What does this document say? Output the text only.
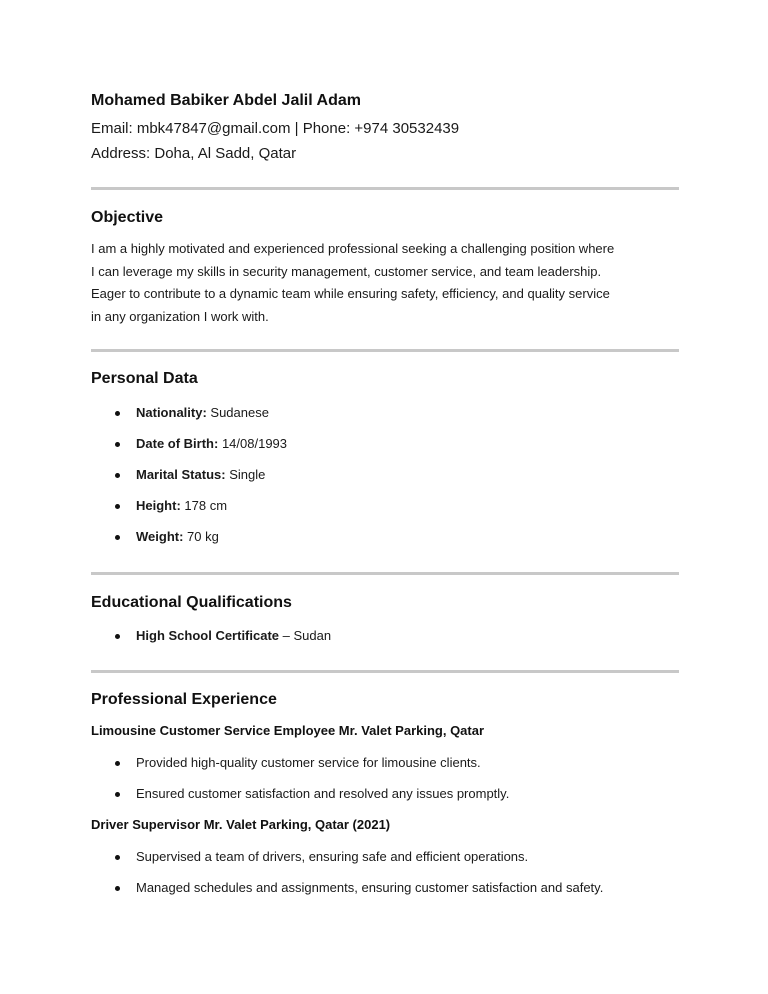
Mohamed Babiker Abdel Jalil Adam

Email: mbk47847@gmail.com | Phone: +974 30532439

Address: Doha, Al Sadd, Qatar

Objective

I am a highly motivated and experienced professional seeking a challenging position where
I can leverage my skills in security management, customer service, and team leadership.
Eager to contribute to a dynamic team while ensuring safety, efficiency, and quality service
in any organization I work with.

Personal Data

Nationality: Sudanese
Date of Birth: 14/08/1993
Marital Status: Single
Height: 178 cm
Weight: 70 kg

Educational Qualifications

High School Certificate – Sudan

Professional Experience

Limousine Customer Service Employee Mr. Valet Parking, Qatar

Provided high-quality customer service for limousine clients.
Ensured customer satisfaction and resolved any issues promptly.

Driver Supervisor Mr. Valet Parking, Qatar (2021)

Supervised a team of drivers, ensuring safe and efficient operations.
Managed schedules and assignments, ensuring customer satisfaction and safety.
